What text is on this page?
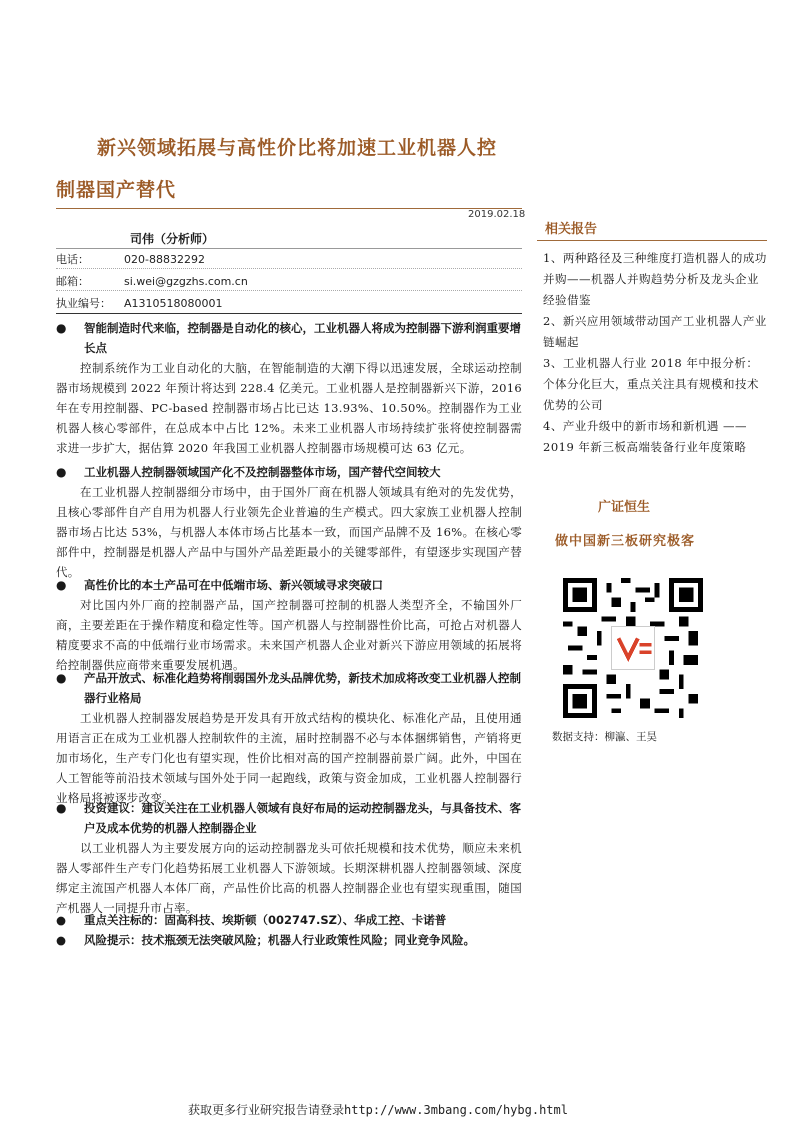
新兴领域拓展与高性价比将加速工业机器人控
制器国产替代
2019.02.18
司伟（分析师）
电话：	020-88832292
邮箱：	si.wei@gzgzhs.com.cn
执业编号： A1310518080001
● 智能制造时代来临，控制器是自动化的核心，工业机器人将成为控制器下游利润重要增长点
控制系统作为工业自动化的大脑，在智能制造的大潮下得以迅速发展，全球运动控制器市场规模到 2022 年预计将达到 228.4 亿美元。工业机器人是控制器新兴下游，2016 年在专用控制器、PC-based 控制器市场占比已达 13.93%、10.50%。控制器作为工业机器人核心零部件，在总成本中占比 12%。未来工业机器人市场持续扩张将使控制器需求进一步扩大，据估算 2020 年我国工业机器人控制器市场规模可达 63 亿元。
● 工业机器人控制器领域国产化不及控制器整体市场，国产替代空间较大
在工业机器人控制器细分市场中，由于国外厂商在机器人领域具有绝对的先发优势，且核心零部件自产自用为机器人行业领先企业普遍的生产模式。四大家族工业机器人控制器市场占比达 53%，与机器人本体市场占比基本一致，而国产品牌不及 16%。在核心零部件中，控制器是机器人产品中与国外产品差距最小的关键零部件，有望逐步实现国产替代。
● 高性价比的本土产品可在中低端市场、新兴领域寻求突破口
对比国内外厂商的控制器产品，国产控制器可控制的机器人类型齐全，不输国外厂商，主要差距在于操作精度和稳定性等。国产机器人与控制器性价比高，可抢占对机器人精度要求不高的中低端行业市场需求。未来国产机器人企业对新兴下游应用领域的拓展将给控制器供应商带来重要发展机遇。
● 产品开放式、标准化趋势将削弱国外龙头品牌优势，新技术加成将改变工业机器人控制器行业格局
工业机器人控制器发展趋势是开发具有开放式结构的模块化、标准化产品，且使用通用语言正在成为工业机器人控制软件的主流，届时控制器不必与本体捆绑销售，产销将更加市场化，生产专门化也有望实现，性价比相对高的国产控制器前景广阔。此外，中国在人工智能等前沿技术领域与国外处于同一起跑线，政策与资金加成，工业机器人控制器行业格局将被逐步改变。
● 投资建议：建议关注在工业机器人领域有良好布局的运动控制器龙头，与具备技术、客户及成本优势的机器人控制器企业
以工业机器人为主要发展方向的运动控制器龙头可依托规模和技术优势，顺应未来机器人零部件生产专门化趋势拓展工业机器人下游领域。长期深耕机器人控制器领域、深度绑定主流国产机器人本体厂商，产品性价比高的机器人控制器企业也有望实现重围，随国产机器人一同提升市占率。
● 重点关注标的：固高科技、埃斯顿（002747.SZ）、华成工控、卡诺普
● 风险提示：技术瓶颈无法突破风险；机器人行业政策性风险；同业竞争风险。
相关报告
1、两种路径及三种维度打造机器人的成功并购——机器人并购趋势分析及龙头企业经验借鉴
2、新兴应用领域带动国产工业机器人产业链崛起
3、工业机器人行业 2018 年中报分析：个体分化巨大，重点关注具有规模和技术优势的公司
4、产业升级中的新市场和新机遇 ——2019 年新三板高端装备行业年度策略
广证恒生
做中国新三板研究极客
数据支持：柳瀛、王昊
获取更多行业研究报告请登录http://www.3mbang.com/hybg.html
